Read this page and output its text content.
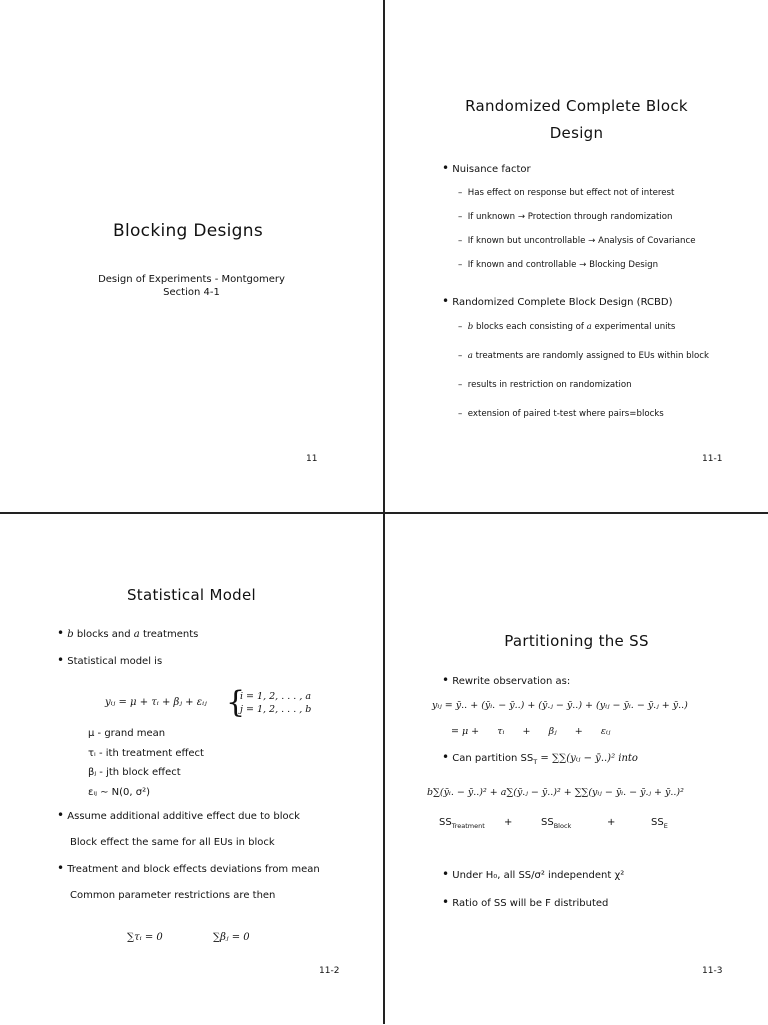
Blocking Designs
Design of Experiments - Montgomery
Section 4-1
11
Randomized Complete Block
Design
• Nuisance factor
–  Has effect on response but effect not of interest
–  If unknown → Protection through randomization
–  If known but uncontrollable → Analysis of Covariance
–  If known and controllable → Blocking Design
• Randomized Complete Block Design (RCBD)
–  b blocks each consisting of a experimental units
–  a treatments are randomly assigned to EUs within block
–  results in restriction on randomization
–  extension of paired t-test where pairs=blocks
11-1
Statistical Model
• b blocks and a treatments
• Statistical model is
yᵢⱼ = μ + τᵢ + βⱼ + εᵢⱼ {
i = 1, 2, . . . , a
j = 1, 2, . . . , b
μ - grand mean
τᵢ - ith treatment effect
βⱼ - jth block effect
εᵢⱼ ∼ N(0, σ²)
• Assume additional additive effect due to block
Block effect the same for all EUs in block
• Treatment and block effects deviations from mean
Common parameter restrictions are then
∑τᵢ = 0	∑βⱼ = 0
11-2
Partitioning the SS
• Rewrite observation as:
yᵢⱼ = ȳ.. + (ȳᵢ. − ȳ..) + (ȳ.ⱼ − ȳ..) + (yᵢⱼ − ȳᵢ. − ȳ.ⱼ + ȳ..)
= μ +      τᵢ      +      βⱼ      +      εᵢⱼ
• Can partition $SS_T$ = ∑∑(yᵢⱼ − ȳ..)² into
b∑(ȳᵢ. − ȳ..)² + a∑(ȳ.ⱼ − ȳ..)² + ∑∑(yᵢⱼ − ȳᵢ. − ȳ.ⱼ + ȳ..)²
$SS_{Treatment}$ +	$SS_{Block}$	+	$SS_E$
• Under H₀, all SS/σ² independent χ²
• Ratio of SS will be F distributed
11-3
